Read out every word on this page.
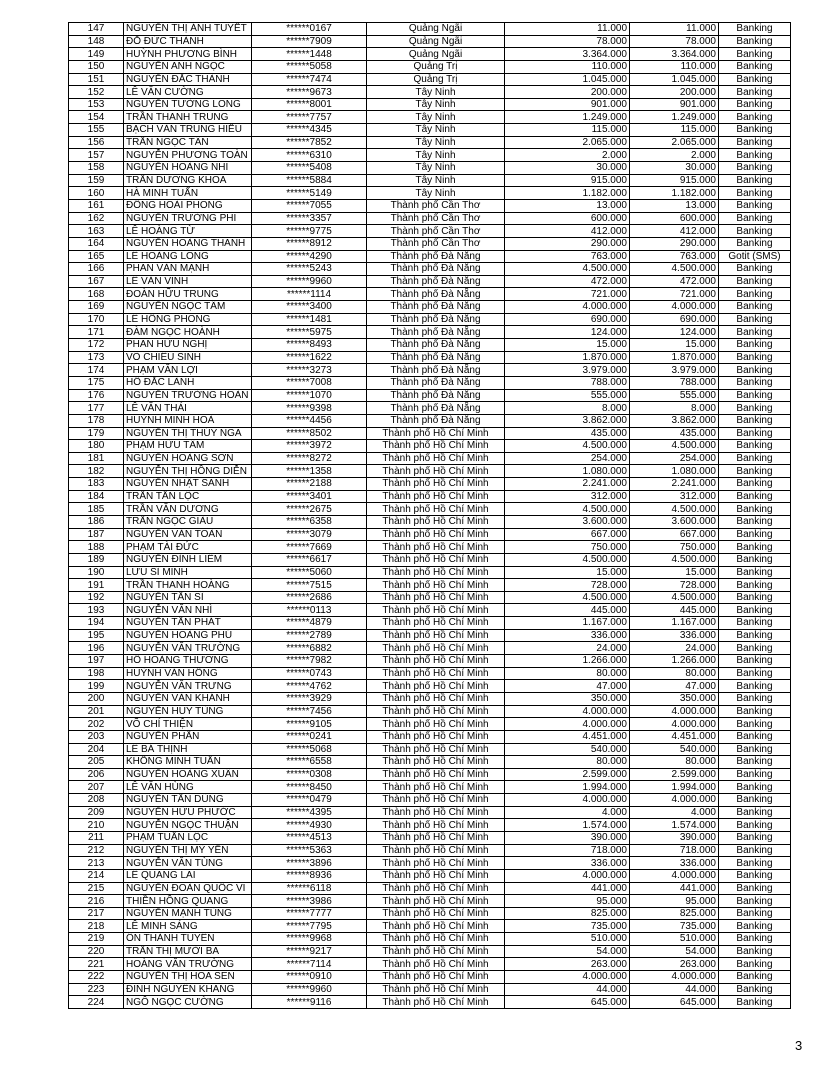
147	NGUYỄN THỊ ÁNH TUYẾT	******0167	Quảng Ngãi	11.000	11.000	Banking
148	ĐỖ ĐỨC THÀNH	******7909	Quảng Ngãi	78.000	78.000	Banking
149	HUỲNH PHƯƠNG BÌNH	******1448	Quảng Ngãi	3.364.000	3.364.000	Banking
150	NGUYỄN ANH NGỌC	******5058	Quảng Trị	110.000	110.000	Banking
151	NGUYỄN ĐẮC THÀNH	******7474	Quảng Trị	1.045.000	1.045.000	Banking
152	LÊ VĂN CƯỜNG	******9673	Tây Ninh	200.000	200.000	Banking
153	NGUYỄN TƯỜNG LONG	******8001	Tây Ninh	901.000	901.000	Banking
154	TRẦN THANH TRUNG	******7757	Tây Ninh	1.249.000	1.249.000	Banking
155	BẠCH VĂN TRUNG HIẾU	******4345	Tây Ninh	115.000	115.000	Banking
156	TRẦN NGỌC TÂN	******7852	Tây Ninh	2.065.000	2.065.000	Banking
157	NGUYỄN PHƯƠNG TOÀN	******6310	Tây Ninh	2.000	2.000	Banking
158	NGUYỄN HOÀNG NHI	******5408	Tây Ninh	30.000	30.000	Banking
159	TRẦN DƯƠNG KHOA	******5884	Tây Ninh	915.000	915.000	Banking
160	HÀ MINH TUẤN	******5149	Tây Ninh	1.182.000	1.182.000	Banking
161	ĐỒNG HOÀI PHONG	******7055	Thành phố Cần Thơ	13.000	13.000	Banking
162	NGUYỄN TRƯỜNG PHI	******3357	Thành phố Cần Thơ	600.000	600.000	Banking
163	LÊ HOÀNG TỪ	******9775	Thành phố Cần Thơ	412.000	412.000	Banking
164	NGUYỄN HOÀNG THANH	******8912	Thành phố Cần Thơ	290.000	290.000	Banking
165	LÊ HOÀNG LONG	******4290	Thành phố Đà Nẵng	763.000	763.000	Gotit (SMS)
166	PHAN VĂN MẠNH	******5243	Thành phố Đà Nẵng	4.500.000	4.500.000	Banking
167	LÊ VĂN VINH	******9960	Thành phố Đà Nẵng	472.000	472.000	Banking
168	ĐOÀN HỮU TRUNG	******1114	Thành phố Đà Nẵng	721.000	721.000	Banking
169	NGUYỄN NGỌC TÂM	******3400	Thành phố Đà Nẵng	4.000.000	4.000.000	Banking
170	LÊ HỒNG PHONG	******1481	Thành phố Đà Nẵng	690.000	690.000	Banking
171	ĐÀM NGỌC HOÀNH	******5975	Thành phố Đà Nẵng	124.000	124.000	Banking
172	PHAN HỮU NGHỊ	******8493	Thành phố Đà Nẵng	15.000	15.000	Banking
173	VÕ CHIÊU SINH	******1622	Thành phố Đà Nẵng	1.870.000	1.870.000	Banking
174	PHẠM VĂN LỢI	******3273	Thành phố Đà Nẵng	3.979.000	3.979.000	Banking
175	HỒ ĐẮC LÀNH	******7008	Thành phố Đà Nẵng	788.000	788.000	Banking
176	NGUYỄN TRƯỜNG HOÀN	******1070	Thành phố Đà Nẵng	555.000	555.000	Banking
177	LÊ VĂN THÁI	******9398	Thành phố Đà Nẵng	8.000	8.000	Banking
178	HUỲNH MINH HOÀ	******4456	Thành phố Đà Nẵng	3.862.000	3.862.000	Banking
179	NGUYỄN THỊ THÚY NGA	******8502	Thành phố Hồ Chí Minh	435.000	435.000	Banking
180	PHẠM HỮU TÂM	******3972	Thành phố Hồ Chí Minh	4.500.000	4.500.000	Banking
181	NGUYỄN HOÀNG SƠN	******8272	Thành phố Hồ Chí Minh	254.000	254.000	Banking
182	NGUYỄN THỊ HỒNG DIỄN	******1358	Thành phố Hồ Chí Minh	1.080.000	1.080.000	Banking
183	NGUYỄN NHẬT SANH	******2188	Thành phố Hồ Chí Minh	2.241.000	2.241.000	Banking
184	TRẦN TẤN LỘC	******3401	Thành phố Hồ Chí Minh	312.000	312.000	Banking
185	TRẦN VĂN DƯƠNG	******2675	Thành phố Hồ Chí Minh	4.500.000	4.500.000	Banking
186	TRẦN NGỌC GIÀU	******6358	Thành phố Hồ Chí Minh	3.600.000	3.600.000	Banking
187	NGUYỄN VĂN TOÀN	******3079	Thành phố Hồ Chí Minh	667.000	667.000	Banking
188	PHẠM TÀI ĐỨC	******7669	Thành phố Hồ Chí Minh	750.000	750.000	Banking
189	NGUYỄN ĐÌNH LIÊM	******6617	Thành phố Hồ Chí Minh	4.500.000	4.500.000	Banking
190	LƯU SĨ MINH	******5060	Thành phố Hồ Chí Minh	15.000	15.000	Banking
191	TRẦN THANH HOÀNG	******7515	Thành phố Hồ Chí Minh	728.000	728.000	Banking
192	NGUYỄN TẤN SĨ	******2686	Thành phố Hồ Chí Minh	4.500.000	4.500.000	Banking
193	NGUYỄN VĂN NHÌ	******0113	Thành phố Hồ Chí Minh	445.000	445.000	Banking
194	NGUYỄN TẤN PHÁT	******4879	Thành phố Hồ Chí Minh	1.167.000	1.167.000	Banking
195	NGUYỄN HOÀNG PHÚ	******2789	Thành phố Hồ Chí Minh	336.000	336.000	Banking
196	NGUYỄN VĂN TRƯỜNG	******6882	Thành phố Hồ Chí Minh	24.000	24.000	Banking
197	HỒ HOÀNG THƯƠNG	******7982	Thành phố Hồ Chí Minh	1.266.000	1.266.000	Banking
198	HUỲNH VĂN HỒNG	******0743	Thành phố Hồ Chí Minh	80.000	80.000	Banking
199	NGUYỄN VĂN TRƯNG	******4762	Thành phố Hồ Chí Minh	47.000	47.000	Banking
200	NGUYỄN VĂN KHÁNH	******3929	Thành phố Hồ Chí Minh	350.000	350.000	Banking
201	NGUYỄN HUY TÙNG	******7456	Thành phố Hồ Chí Minh	4.000.000	4.000.000	Banking
202	VÕ CHÍ THIỆN	******9105	Thành phố Hồ Chí Minh	4.000.000	4.000.000	Banking
203	NGUYỄN PHẤN	******0241	Thành phố Hồ Chí Minh	4.451.000	4.451.000	Banking
204	LÊ BÁ THỊNH	******5068	Thành phố Hồ Chí Minh	540.000	540.000	Banking
205	KHỔNG MINH TUẤN	******6558	Thành phố Hồ Chí Minh	80.000	80.000	Banking
206	NGUYỄN HOÀNG XUÂN	******0308	Thành phố Hồ Chí Minh	2.599.000	2.599.000	Banking
207	LÊ VĂN HÙNG	******8450	Thành phố Hồ Chí Minh	1.994.000	1.994.000	Banking
208	NGUYỄN TẤN DŨNG	******0479	Thành phố Hồ Chí Minh	4.000.000	4.000.000	Banking
209	NGUYỄN HỮU PHƯỚC	******4395	Thành phố Hồ Chí Minh	4.000	4.000	Banking
210	NGUYỄN NGỌC THUẬN	******4930	Thành phố Hồ Chí Minh	1.574.000	1.574.000	Banking
211	PHẠM TUẤN LỘC	******4513	Thành phố Hồ Chí Minh	390.000	390.000	Banking
212	NGUYỄN THỊ MỸ YẾN	******5363	Thành phố Hồ Chí Minh	718.000	718.000	Banking
213	NGUYỄN VĂN TÙNG	******3896	Thành phố Hồ Chí Minh	336.000	336.000	Banking
214	LÊ QUANG LAI	******8936	Thành phố Hồ Chí Minh	4.000.000	4.000.000	Banking
215	NGUYỄN ĐOÀN QUỐC VI	******6118	Thành phố Hồ Chí Minh	441.000	441.000	Banking
216	THIỀN HỒNG QUANG	******3986	Thành phố Hồ Chí Minh	95.000	95.000	Banking
217	NGUYỄN MẠNH TÙNG	******7777	Thành phố Hồ Chí Minh	825.000	825.000	Banking
218	LÊ MINH SÁNG	******7795	Thành phố Hồ Chí Minh	735.000	735.000	Banking
219	ÔN THÀNH TUYÊN	******9968	Thành phố Hồ Chí Minh	510.000	510.000	Banking
220	TRẦN THỊ MƯỜI BA	******9217	Thành phố Hồ Chí Minh	54.000	54.000	Banking
221	HOÀNG VĂN TRƯỜNG	******7114	Thành phố Hồ Chí Minh	263.000	263.000	Banking
222	NGUYỄN THỊ HOA SEN	******0910	Thành phố Hồ Chí Minh	4.000.000	4.000.000	Banking
223	ĐINH NGUYÊN KHANG	******9960	Thành phố Hồ Chí Minh	44.000	44.000	Banking
224	NGÔ NGỌC CƯỜNG	******9116	Thành phố Hồ Chí Minh	645.000	645.000	Banking
3
